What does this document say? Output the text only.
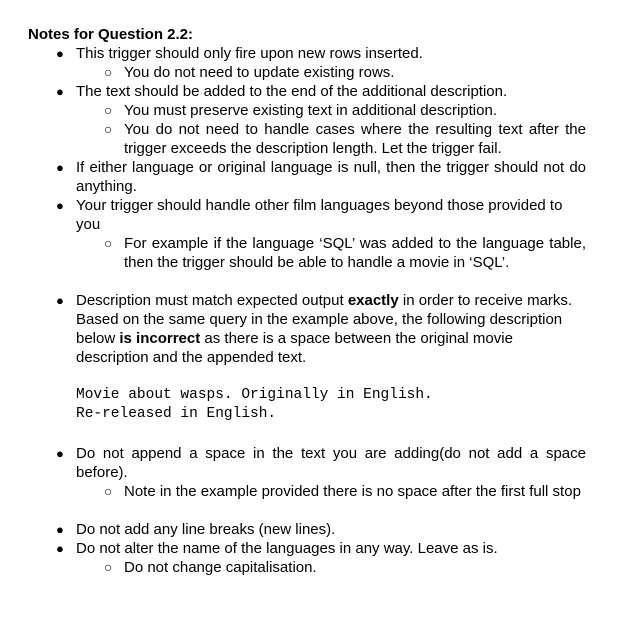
Notes for Question 2.2:
● This trigger should only fire upon new rows inserted.
○ You do not need to update existing rows.
● The text should be added to the end of the additional description.
○ You must preserve existing text in additional description.
○ You do not need to handle cases where the resulting text after the trigger exceeds the description length. Let the trigger fail.
● If either language or original language is null, then the trigger should not do anything.
● Your trigger should handle other film languages beyond those provided to you
○ For example if the language ‘SQL’ was added to the language table, then the trigger should be able to handle a movie in ‘SQL’.
● Description must match expected output exactly in order to receive marks. Based on the same query in the example above, the following description below is incorrect as there is a space between the original movie description and the appended text.
Movie about wasps. Originally in English.
Re-released in English.
● Do not append a space in the text you are adding(do not add a space before).
○ Note in the example provided there is no space after the first full stop
● Do not add any line breaks (new lines).
● Do not alter the name of the languages in any way. Leave as is.
○ Do not change capitalisation.
